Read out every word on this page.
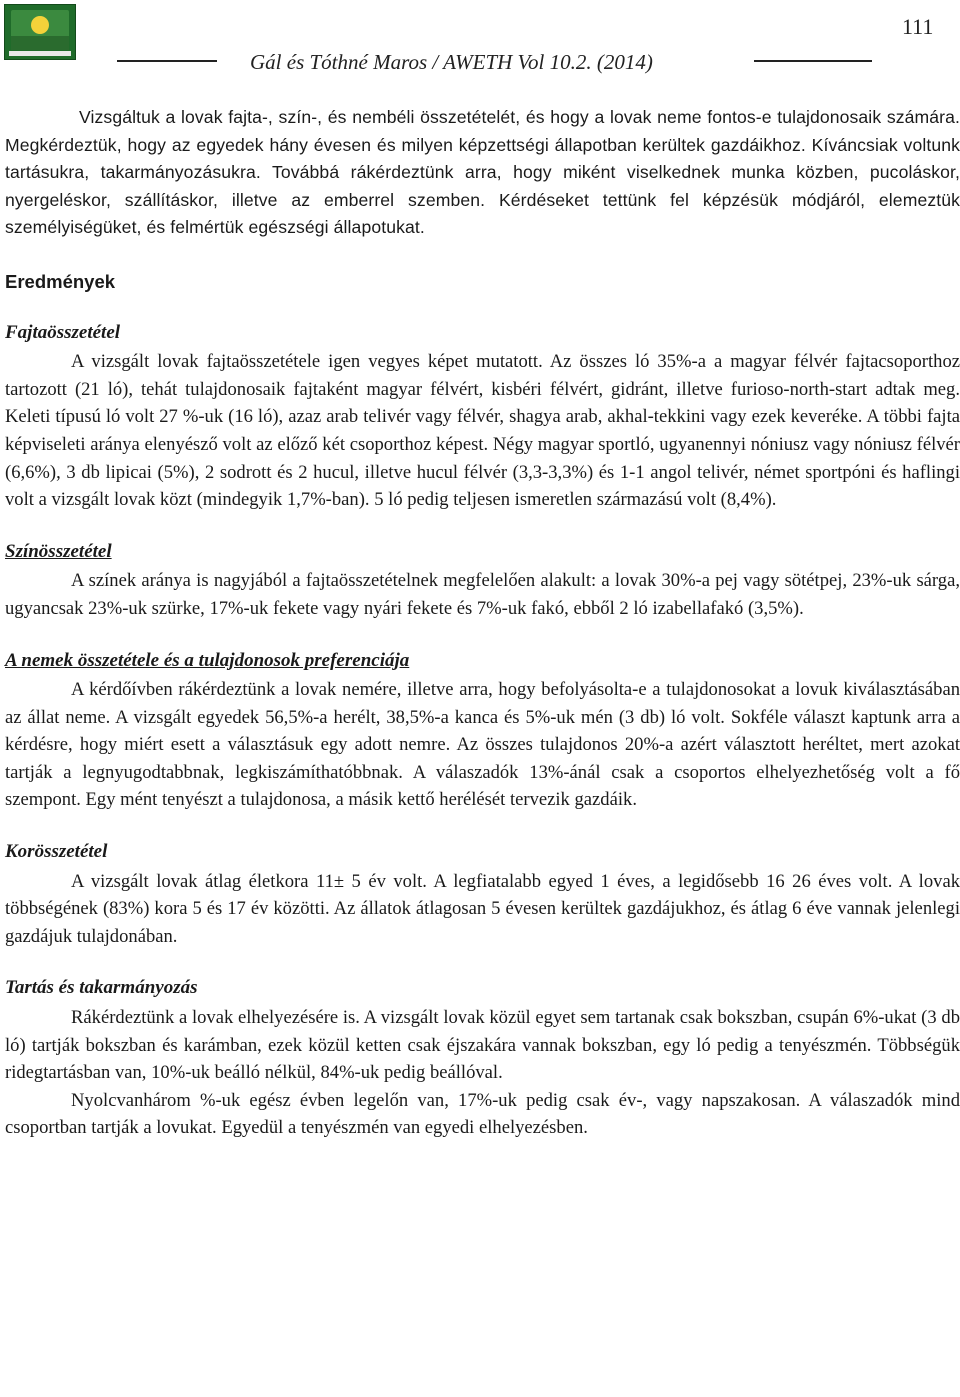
Gál és Tóthné Maros / AWETH Vol 10.2. (2014)
111

Vizsgáltuk a lovak fajta-, szín-, és nembéli összetételét, és hogy a lovak neme fontos-e tulajdonosaik számára. Megkérdeztük, hogy az egyedek hány évesen és milyen képzettségi állapotban kerültek gazdáikhoz. Kíváncsiak voltunk tartásukra, takarmányozásukra. Továbbá rákérdeztünk arra, hogy miként viselkednek munka közben, pucoláskor, nyergeléskor, szállításkor, illetve az emberrel szemben. Kérdéseket tettünk fel képzésük módjáról, elemeztük személyiségüket, és felmértük egészségi állapotukat.

Eredmények
Fajtaösszetétel

A vizsgált lovak fajtaösszetétele igen vegyes képet mutatott. Az összes ló 35%-a a magyar félvér fajtacsoporthoz tartozott (21 ló), tehát tulajdonosaik fajtaként magyar félvért, kisbéri félvért, gidránt, illetve furioso-north-start adtak meg. Keleti típusú ló volt 27 %-uk (16 ló), azaz arab telivér vagy félvér, shagya arab, akhal-tekkini vagy ezek keveréke. A többi fajta képviseleti aránya elenyésző volt az előző két csoporthoz képest. Négy magyar sportló, ugyanennyi nóniusz vagy nóniusz félvér (6,6%), 3 db lipicai (5%), 2 sodrott és 2 hucul, illetve hucul félvér (3,3-3,3%) és 1-1 angol telivér, német sportpóni és haflingi volt a vizsgált lovak közt (mindegyik 1,7%-ban). 5 ló pedig teljesen ismeretlen származású volt (8,4%).

Színösszetétel

A színek aránya is nagyjából a fajtaösszetételnek megfelelően alakult: a lovak 30%-a pej vagy sötétpej, 23%-uk sárga, ugyancsak 23%-uk szürke, 17%-uk fekete vagy nyári fekete és 7%-uk fakó, ebből 2 ló izabellafakó (3,5%).

A nemek összetétele és a tulajdonosok preferenciája

A kérdőívben rákérdeztünk a lovak nemére, illetve arra, hogy befolyásolta-e a tulajdonosokat a lovuk kiválasztásában az állat neme. A vizsgált egyedek 56,5%-a herélt, 38,5%-a kanca és 5%-uk mén (3 db) ló volt. Sokféle választ kaptunk arra a kérdésre, hogy miért esett a választásuk egy adott nemre. Az összes tulajdonos 20%-a azért választott heréltet, mert azokat tartják a legnyugodtabbnak, legkiszámíthatóbbnak. A válaszadók 13%-ánál csak a csoportos elhelyezhetőség volt a fő szempont. Egy mént tenyészt a tulajdonosa, a másik kettő herélését tervezik gazdáik.

Korösszetétel

A vizsgált lovak átlag életkora 11± 5 év volt. A legfiatalabb egyed 1 éves, a legidősebb 16 26 éves volt. A lovak többségének (83%) kora 5 és 17 év közötti. Az állatok átlagosan 5 évesen kerültek gazdájukhoz, és átlag 6 éve vannak jelenlegi gazdájuk tulajdonában.

Tartás és takarmányozás

Rákérdeztünk a lovak elhelyezésére is. A vizsgált lovak közül egyet sem tartanak csak bokszban, csupán 6%-ukat (3 db ló) tartják bokszban és karámban, ezek közül ketten csak éjszakára vannak bokszban, egy ló pedig a tenyészmén. Többségük ridegtartásban van, 10%-uk beálló nélkül, 84%-uk pedig beállóval.

Nyolcvanhárom %-uk egész évben legelőn van, 17%-uk pedig csak év-, vagy napszakosan. A válaszadók mind csoportban tartják a lovukat. Egyedül a tenyészmén van egyedi elhelyezésben.
